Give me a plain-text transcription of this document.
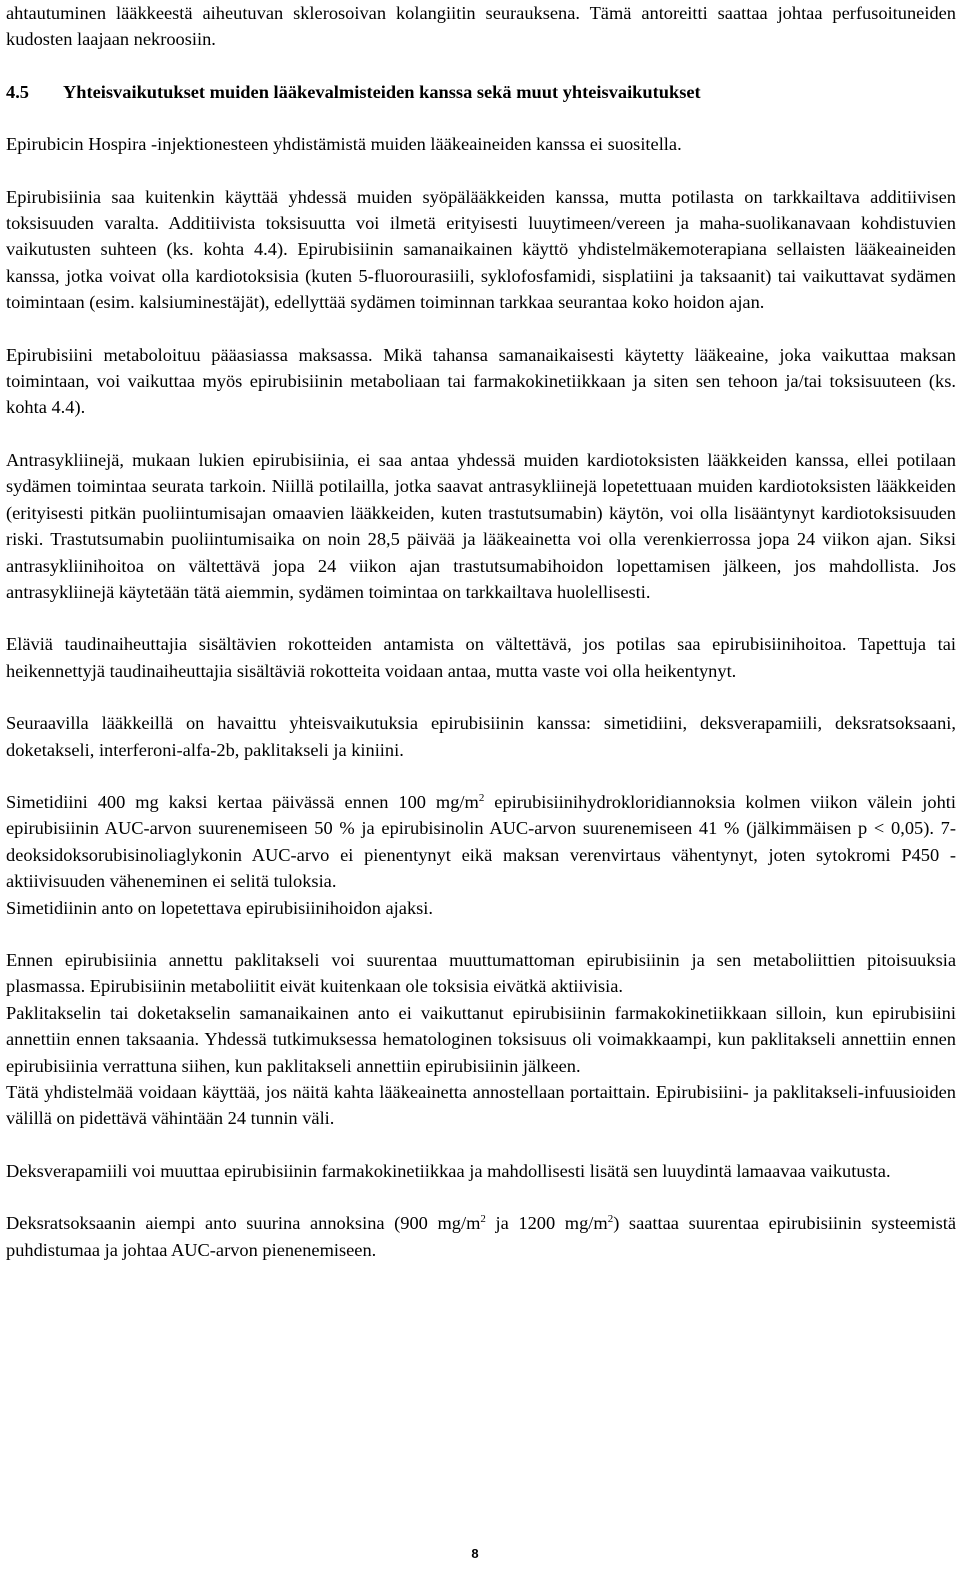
ahtautuminen lääkkeestä aiheutuvan sklerosoivan kolangiitin seurauksena. Tämä antoreitti saattaa johtaa perfusoituneiden kudosten laajaan nekroosiin.

4.5 Yhteisvaikutukset muiden lääkevalmisteiden kanssa sekä muut yhteisvaikutukset

Epirubicin Hospira -injektionesteen yhdistämistä muiden lääkeaineiden kanssa ei suositella.

Epirubisiinia saa kuitenkin käyttää yhdessä muiden syöpälääkkeiden kanssa, mutta potilasta on tarkkailtava additiivisen toksisuuden varalta. Additiivista toksisuutta voi ilmetä erityisesti luuytimeen/vereen ja maha-suolikanavaan kohdistuvien vaikutusten suhteen (ks. kohta 4.4). Epirubisiinin samanaikainen käyttö yhdistelmäkemoterapiana sellaisten lääkeaineiden kanssa, jotka voivat olla kardiotoksisia (kuten 5-fluorourasiili, syklofosfamidi, sisplatiini ja taksaanit) tai vaikuttavat sydämen toimintaan (esim. kalsiuminestäjät), edellyttää sydämen toiminnan tarkkaa seurantaa koko hoidon ajan.

Epirubisiini metaboloituu pääasiassa maksassa. Mikä tahansa samanaikaisesti käytetty lääkeaine, joka vaikuttaa maksan toimintaan, voi vaikuttaa myös epirubisiinin metaboliaan tai farmakokinetiikkaan ja siten sen tehoon ja/tai toksisuuteen (ks. kohta 4.4).

Antrasykliinejä, mukaan lukien epirubisiinia, ei saa antaa yhdessä muiden kardiotoksisten lääkkeiden kanssa, ellei potilaan sydämen toimintaa seurata tarkoin. Niillä potilailla, jotka saavat antrasykliinejä lopetettuaan muiden kardiotoksisten lääkkeiden (erityisesti pitkän puoliintumisajan omaavien lääkkeiden, kuten trastutsumabin) käytön, voi olla lisääntynyt kardiotoksisuuden riski. Trastutsumabin puoliintumisaika on noin 28,5 päivää ja lääkeainetta voi olla verenkierrossa jopa 24 viikon ajan. Siksi antrasykliinihoitoa on vältettävä jopa 24 viikon ajan trastutsumabihoidon lopettamisen jälkeen, jos mahdollista. Jos antrasykliinejä käytetään tätä aiemmin, sydämen toimintaa on tarkkailtava huolellisesti.

Eläviä taudinaiheuttajia sisältävien rokotteiden antamista on vältettävä, jos potilas saa epirubisiinihoitoa. Tapettuja tai heikennettyjä taudinaiheuttajia sisältäviä rokotteita voidaan antaa, mutta vaste voi olla heikentynyt.

Seuraavilla lääkkeillä on havaittu yhteisvaikutuksia epirubisiinin kanssa: simetidiini, deksverapamiili, deksratsoksaani, doketakseli, interferoni-alfa-2b, paklitakseli ja kiniini.

Simetidiini 400 mg kaksi kertaa päivässä ennen 100 $mg/m^2$ epirubisiinihydrokloridiannoksia kolmen viikon välein johti epirubisiinin AUC-arvon suurenemiseen 50 % ja epirubisinolin AUC-arvon suurenemiseen 41 % (jälkimmäisen p < 0,05). 7-deoksidoksorubisinoliaglykonin AUC-arvo ei pienentynyt eikä maksan verenvirtaus vähentynyt, joten sytokromi P450 -aktiivisuuden väheneminen ei selitä tuloksia.

Simetidiinin anto on lopetettava epirubisiinihoidon ajaksi.

Ennen epirubisiinia annettu paklitakseli voi suurentaa muuttumattoman epirubisiinin ja sen metaboliittien pitoisuuksia plasmassa. Epirubisiinin metaboliitit eivät kuitenkaan ole toksisia eivätkä aktiivisia.

Paklitakselin tai doketakselin samanaikainen anto ei vaikuttanut epirubisiinin farmakokinetiikkaan silloin, kun epirubisiini annettiin ennen taksaania. Yhdessä tutkimuksessa hematologinen toksisuus oli voimakkaampi, kun paklitakseli annettiin ennen epirubisiinia verrattuna siihen, kun paklitakseli annettiin epirubisiinin jälkeen.

Tätä yhdistelmää voidaan käyttää, jos näitä kahta lääkeainetta annostellaan portaittain. Epirubisiini- ja paklitakseli-infuusioiden välillä on pidettävä vähintään 24 tunnin väli.

Deksverapamiili voi muuttaa epirubisiinin farmakokinetiikkaa ja mahdollisesti lisätä sen luuydintä lamaavaa vaikutusta.

Deksratsoksaanin aiempi anto suurina annoksina (900 $mg/m^2$ ja 1200 $mg/m^2$) saattaa suurentaa epirubisiinin systeemistä puhdistumaa ja johtaa AUC-arvon pienenemiseen.

8
